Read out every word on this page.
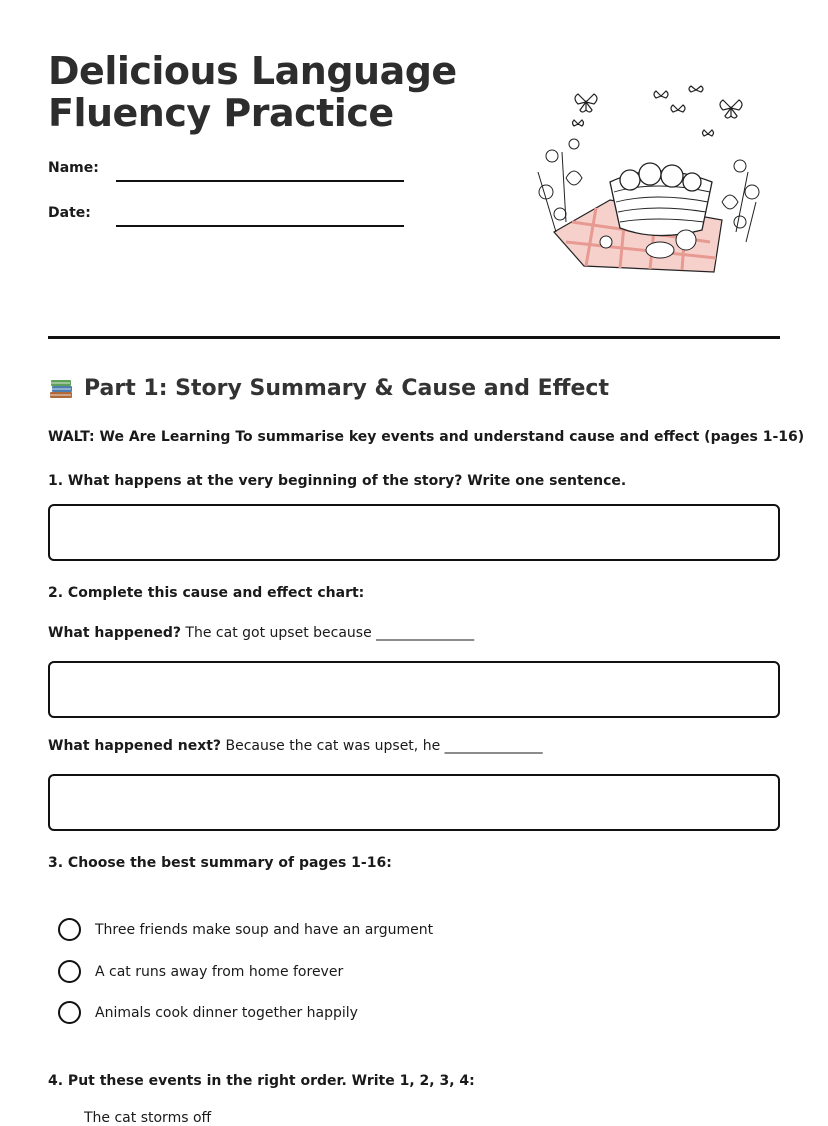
Delicious Language
Fluency Practice
Name:
Date:
Part 1: Story Summary & Cause and Effect
WALT: We Are Learning To summarise key events and understand cause and effect (pages 1-16)
1. What happens at the very beginning of the story? Write one sentence.
2. Complete this cause and effect chart:
What happened? The cat got upset because ______________
What happened next? Because the cat was upset, he ______________
3. Choose the best summary of pages 1-16:
Three friends make soup and have an argument
A cat runs away from home forever
Animals cook dinner together happily
4. Put these events in the right order. Write 1, 2, 3, 4:
The cat storms off
